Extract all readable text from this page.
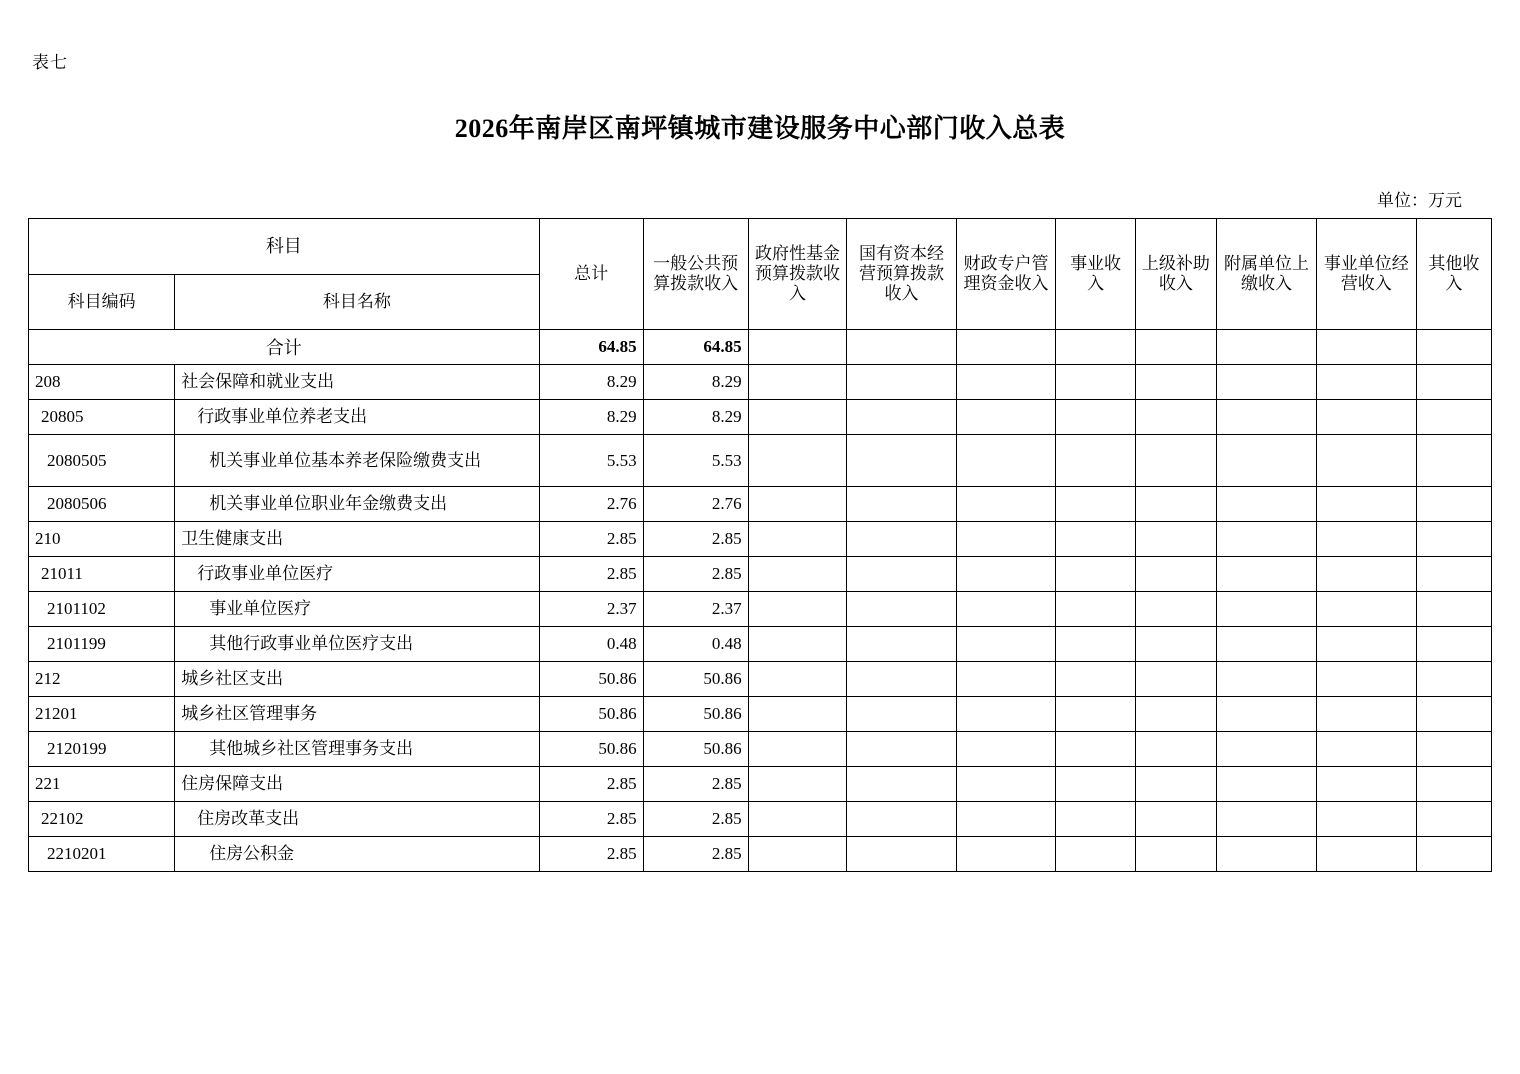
表七
2026年南岸区南坪镇城市建设服务中心部门收入总表
单位：万元
科目		总计	一般公共预算拨款收入	政府性基金预算拨款收入	国有资本经营预算拨款收入	财政专户管理资金收入	事业收入	上级补助收入	附属单位上缴收入	事业单位经营收入	其他收入
科目编码	科目名称										
合计		64.85	64.85								
208	社会保障和就业支出	8.29	8.29								
20805	行政事业单位养老支出	8.29	8.29								
2080505	机关事业单位基本养老保险缴费支出	5.53	5.53								
2080506	机关事业单位职业年金缴费支出	2.76	2.76								
210	卫生健康支出	2.85	2.85								
21011	行政事业单位医疗	2.85	2.85								
2101102	事业单位医疗	2.37	2.37								
2101199	其他行政事业单位医疗支出	0.48	0.48								
212	城乡社区支出	50.86	50.86								
21201	城乡社区管理事务	50.86	50.86								
2120199	其他城乡社区管理事务支出	50.86	50.86								
221	住房保障支出	2.85	2.85								
22102	住房改革支出	2.85	2.85								
2210201	住房公积金	2.85	2.85								
